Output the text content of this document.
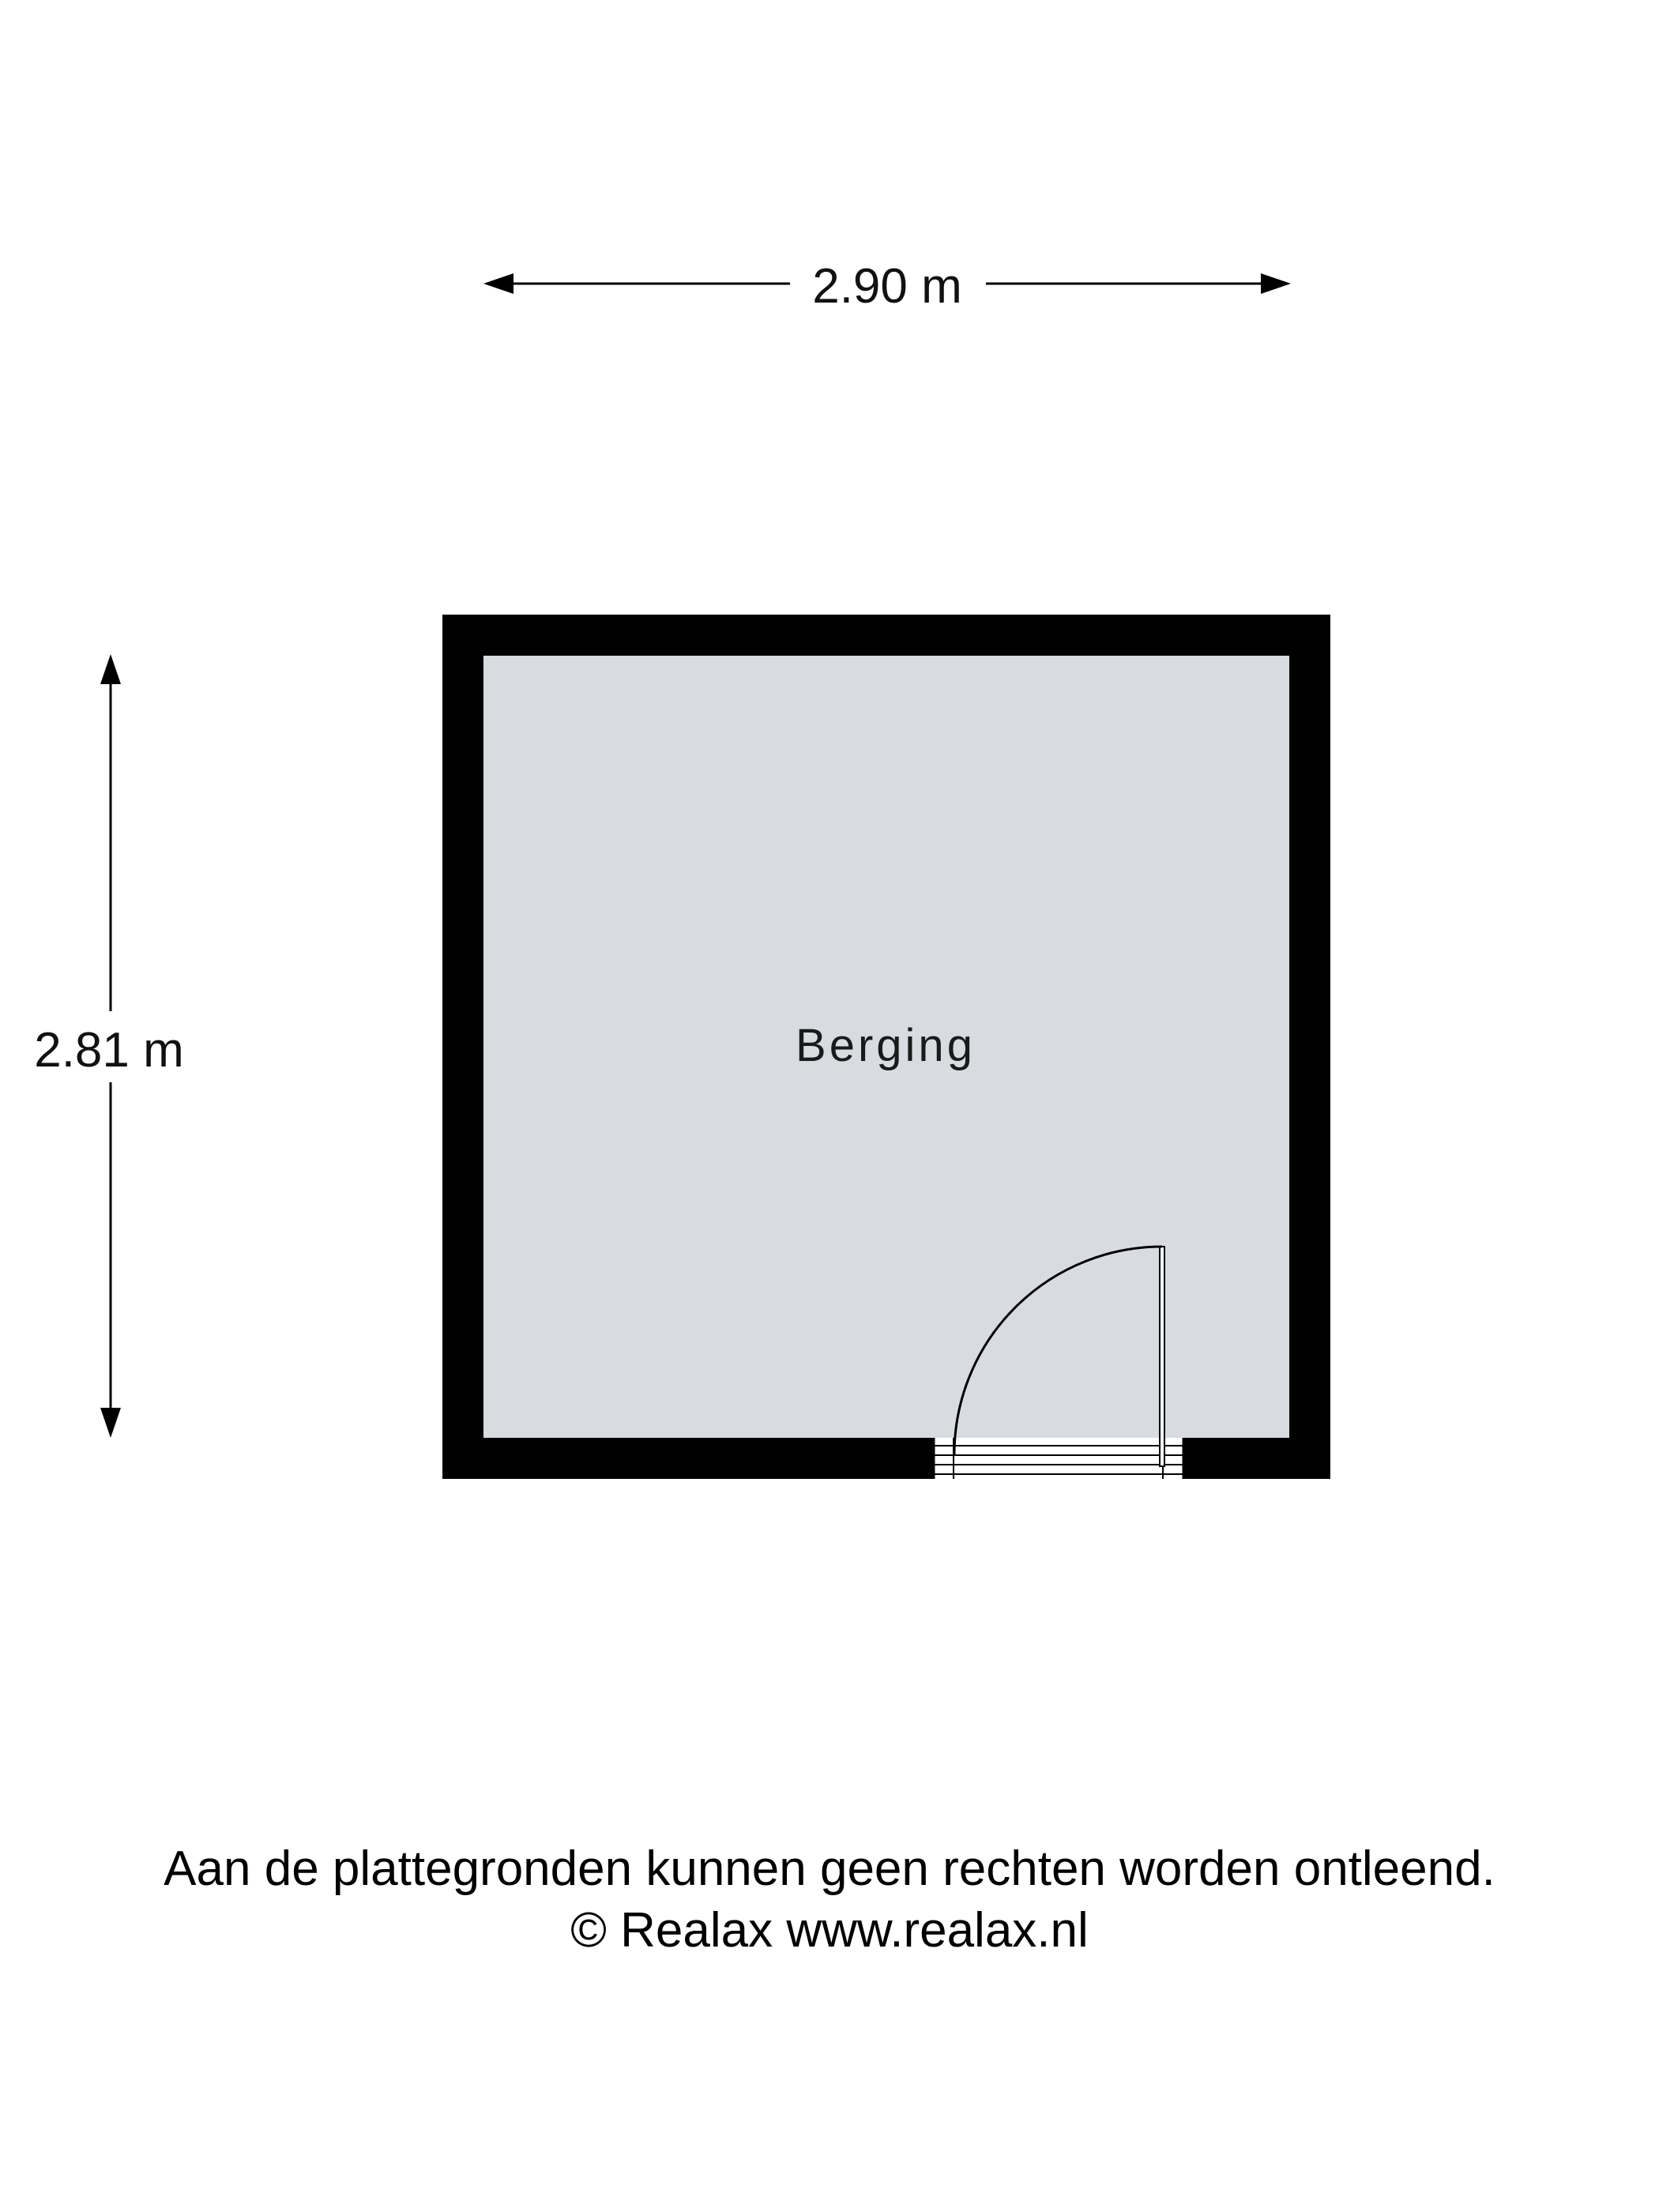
2.90 m
2.81 m	Berging
Aan de plattegronden kunnen geen rechten worden ontleend.
© Realax www.realax.nl
